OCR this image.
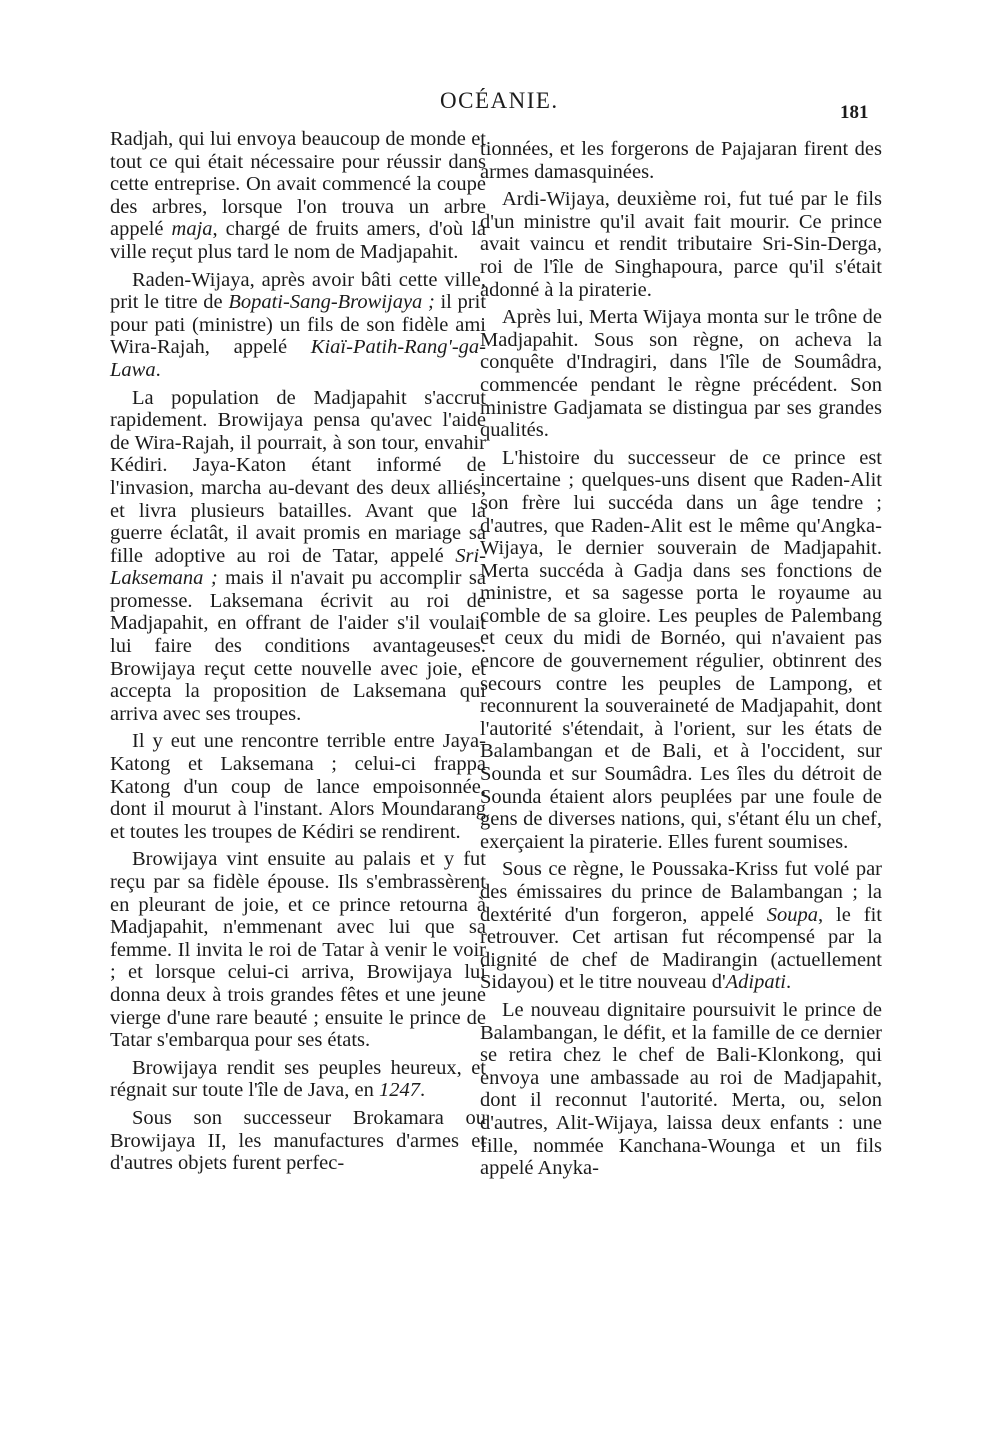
OCÉANIE.	181

Radjah, qui lui envoya beaucoup de monde et tout ce qui était nécessaire pour réussir dans cette entreprise. On avait commencé la coupe des arbres, lorsque l'on trouva un arbre appelé maja, chargé de fruits amers, d'où la ville reçut plus tard le nom de Madjapahit.

Raden-Wijaya, après avoir bâti cette ville, prit le titre de Bopati-Sang-Browijaya ; il prit pour pati (ministre) un fils de son fidèle ami Wira-Rajah, appelé Kiaï-Patih-Rang'-ga-Lawa.

La population de Madjapahit s'accrut rapidement. Browijaya pensa qu'avec l'aide de Wira-Rajah, il pourrait, à son tour, envahir Kédiri. Jaya-Katon étant informé de l'invasion, marcha au-devant des deux alliés, et livra plusieurs batailles. Avant que la guerre éclatât, il avait promis en mariage sa fille adoptive au roi de Tatar, appelé Sri-Laksemana ; mais il n'avait pu accomplir sa promesse. Laksemana écrivit au roi de Madjapahit, en offrant de l'aider s'il voulait lui faire des conditions avantageuses. Browijaya reçut cette nouvelle avec joie, et accepta la proposition de Laksemana qui arriva avec ses troupes.

Il y eut une rencontre terrible entre Jaya-Katong et Laksemana ; celui-ci frappa Katong d'un coup de lance empoisonnée, dont il mourut à l'instant. Alors Moundarang et toutes les troupes de Kédiri se rendirent.

Browijaya vint ensuite au palais et y fut reçu par sa fidèle épouse. Ils s'embrassèrent en pleurant de joie, et ce prince retourna à Madjapahit, n'emmenant avec lui que sa femme. Il invita le roi de Tatar à venir le voir ; et lorsque celui-ci arriva, Browijaya lui donna deux à trois grandes fêtes et une jeune vierge d'une rare beauté ; ensuite le prince de Tatar s'embarqua pour ses états.

Browijaya rendit ses peuples heureux, et régnait sur toute l'île de Java, en 1247.

Sous son successeur Brokamara ou Browijaya II, les manufactures d'armes et d'autres objets furent perfec-

tionnées, et les forgerons de Pajajaran firent des armes damasquinées.

Ardi-Wijaya, deuxième roi, fut tué par le fils d'un ministre qu'il avait fait mourir. Ce prince avait vaincu et rendit tributaire Sri-Sin-Derga, roi de l'île de Singhapoura, parce qu'il s'était adonné à la piraterie.

Après lui, Merta Wijaya monta sur le trône de Madjapahit. Sous son règne, on acheva la conquête d'Indragiri, dans l'île de Soumâdra, commencée pendant le règne précédent. Son ministre Gadjamata se distingua par ses grandes qualités.

L'histoire du successeur de ce prince est incertaine ; quelques-uns disent que Raden-Alit son frère lui succéda dans un âge tendre ; d'autres, que Raden-Alit est le même qu'Angka-Wijaya, le dernier souverain de Madjapahit. Merta succéda à Gadja dans ses fonctions de ministre, et sa sagesse porta le royaume au comble de sa gloire. Les peuples de Palembang et ceux du midi de Bornéo, qui n'avaient pas encore de gouvernement régulier, obtinrent des secours contre les peuples de Lampong, et reconnurent la souveraineté de Madjapahit, dont l'autorité s'étendait, à l'orient, sur les états de Balambangan et de Bali, et à l'occident, sur Sounda et sur Soumâdra. Les îles du détroit de Sounda étaient alors peuplées par une foule de gens de diverses nations, qui, s'étant élu un chef, exerçaient la piraterie. Elles furent soumises.

Sous ce règne, le Poussaka-Kriss fut volé par des émissaires du prince de Balambangan ; la dextérité d'un forgeron, appelé Soupa, le fit retrouver. Cet artisan fut récompensé par la dignité de chef de Madirangin (actuellement Sidayou) et le titre nouveau d'Adipati.

Le nouveau dignitaire poursuivit le prince de Balambangan, le défit, et la famille de ce dernier se retira chez le chef de Bali-Klonkong, qui envoya une ambassade au roi de Madjapahit, dont il reconnut l'autorité. Merta, ou, selon d'autres, Alit-Wijaya, laissa deux enfants : une fille, nommée Kanchana-Wounga et un fils appelé Anyka-
